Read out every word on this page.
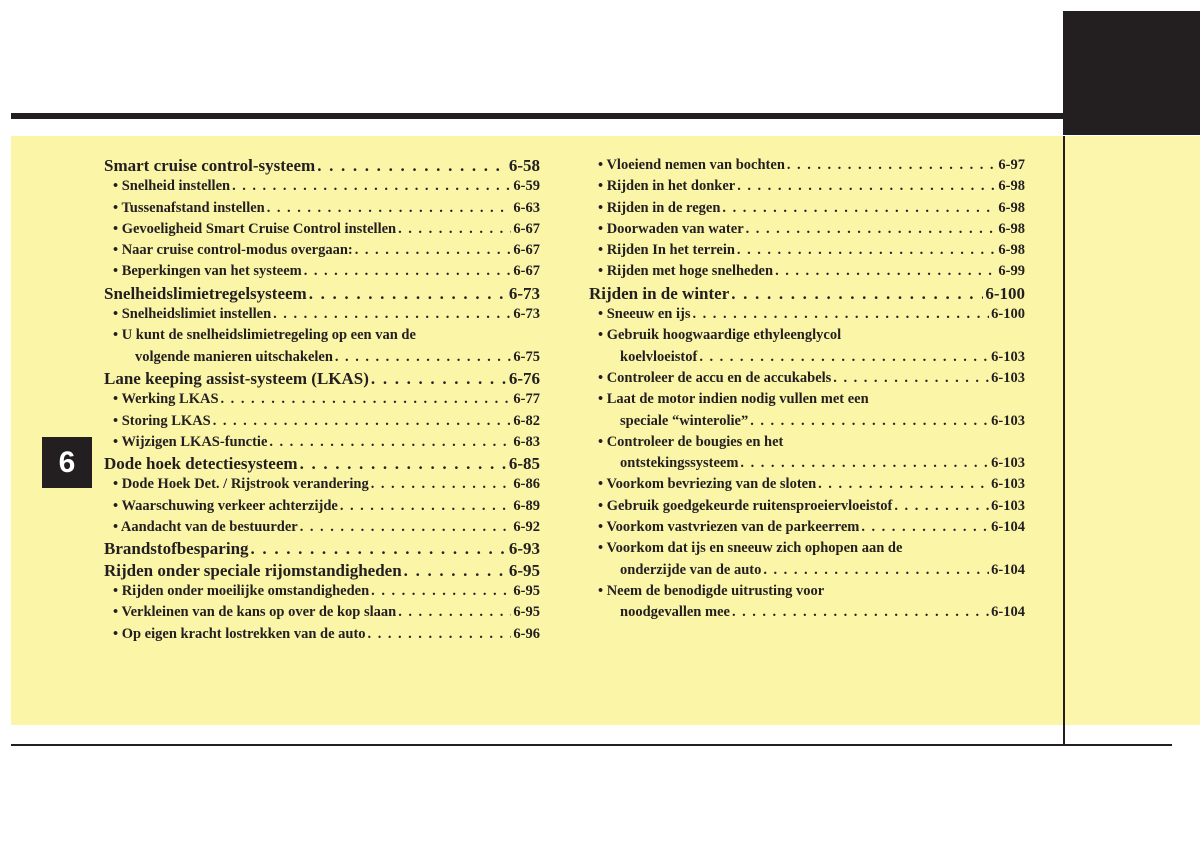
6
Smart cruise control-systeem . . .	6-58
• Snelheid instellen . . .	6-59
• Tussenafstand instellen . . .	6-63
• Gevoeligheid Smart Cruise Control instellen . . .	6-67
• Naar cruise control-modus overgaan: . . .	6-67
• Beperkingen van het systeem . . .	6-67
Snelheidslimietregelsysteem . . .	6-73
• Snelheidslimiet instellen . . .	6-73
• U kunt de snelheidslimietregeling op een van de
volgende manieren uitschakelen . . .	6-75
Lane keeping assist-systeem (LKAS) . . .	6-76
• Werking LKAS . . .	6-77
• Storing LKAS . . .	6-82
• Wijzigen LKAS-functie . . .	6-83
Dode hoek detectiesysteem . . .	6-85
• Dode Hoek Det. / Rijstrook verandering . . .	6-86
• Waarschuwing verkeer achterzijde . . .	6-89
• Aandacht van de bestuurder . . .	6-92
Brandstofbesparing . . .	6-93
Rijden onder speciale rijomstandigheden . . .	6-95
• Rijden onder moeilijke omstandigheden . . .	6-95
• Verkleinen van de kans op over de kop slaan . . .	6-95
• Op eigen kracht lostrekken van de auto . . .	6-96
• Vloeiend nemen van bochten . . .	6-97
• Rijden in het donker . . .	6-98
• Rijden in de regen . . .	6-98
• Doorwaden van water . . .	6-98
• Rijden In het terrein . . .	6-98
• Rijden met hoge snelheden . . .	6-99
Rijden in de winter . . .	6-100
• Sneeuw en ijs . . .	6-100
• Gebruik hoogwaardige ethyleenglycol
koelvloeistof . . .	6-103
• Controleer de accu en de accukabels . . .	6-103
• Laat de motor indien nodig vullen met een
speciale “winterolie” . . .	6-103
• Controleer de bougies en het
ontstekingssysteem . . .	6-103
• Voorkom bevriezing van de sloten . . .	6-103
• Gebruik goedgekeurde ruitensproeiervloeistof . . .	6-103
• Voorkom vastvriezen van de parkeerrem . . .	6-104
• Voorkom dat ijs en sneeuw zich ophopen aan de
onderzijde van de auto . . .	6-104
• Neem de benodigde uitrusting voor
noodgevallen mee . . .	6-104
